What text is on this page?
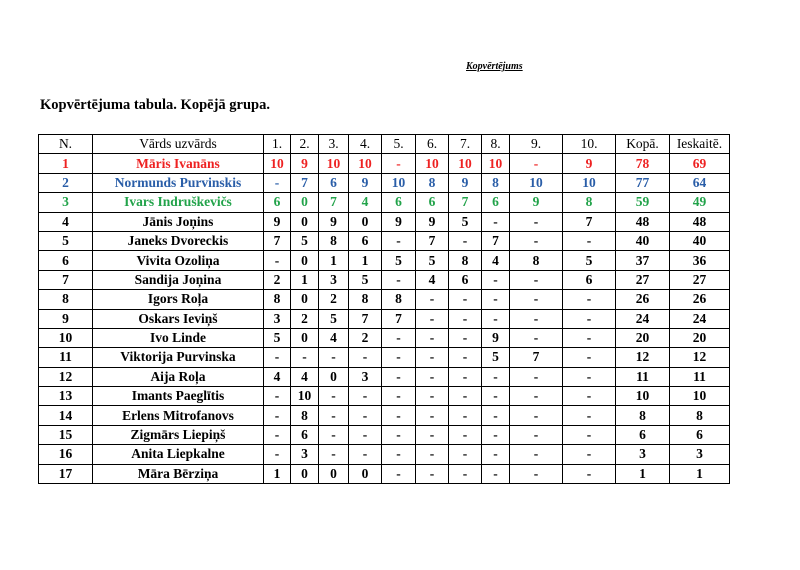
Kopvērtējums
Kopvērtējuma tabula. Kopējā grupa.
N.	Vārds uzvārds	1.	2.	3.	4.	5.	6.	7.	8.	9.	10.	Kopā.	Ieskaitē.
1	Māris Ivanāns	10	9	10	10	-	10	10	10	-	9	78	69
2	Normunds Purvinskis	-	7	6	9	10	8	9	8	10	10	77	64
3	Ivars Indruškevičs	6	0	7	4	6	6	7	6	9	8	59	49
4	Jānis Joņins	9	0	9	0	9	9	5	-	-	7	48	48
5	Janeks Dvoreckis	7	5	8	6	-	7	-	7	-	-	40	40
6	Vivita Ozoliņa	-	0	1	1	5	5	8	4	8	5	37	36
7	Sandija Joņina	2	1	3	5	-	4	6	-	-	6	27	27
8	Igors Roļa	8	0	2	8	8	-	-	-	-	-	26	26
9	Oskars Ieviņš	3	2	5	7	7	-	-	-	-	-	24	24
10	Ivo Linde	5	0	4	2	-	-	-	9	-	-	20	20
11	Viktorija Purvinska	-	-	-	-	-	-	-	5	7	-	12	12
12	Aija Roļa	4	4	0	3	-	-	-	-	-	-	11	11
13	Imants Paeglītis	-	10	-	-	-	-	-	-	-	-	10	10
14	Erlens Mitrofanovs	-	8	-	-	-	-	-	-	-	-	8	8
15	Zigmārs Liepiņš	-	6	-	-	-	-	-	-	-	-	6	6
16	Anita Liepkalne	-	3	-	-	-	-	-	-	-	-	3	3
17	Māra Bērziņa	1	0	0	0	-	-	-	-	-	-	1	1
